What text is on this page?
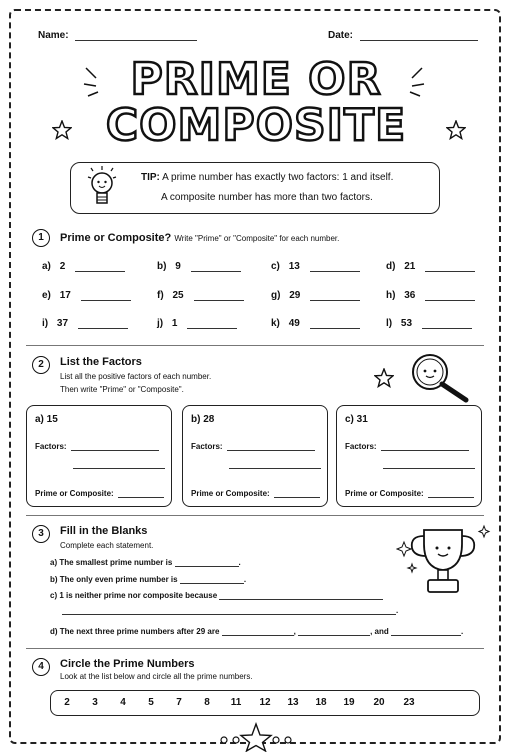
Name:	Date:
PRIME OR
COMPOSITE
TIP: A prime number has exactly two factors: 1 and itself.
A composite number has more than two factors.
1	Prime or Composite? Write "Prime" or "Composite" for each number.
a) 2	b) 9	c) 13	d) 21
e) 17	f) 25	g) 29	h) 36
i) 37	j) 1	k) 49	l) 53
2	List the Factors
List all the positive factors of each number.
Then write "Prime" or "Composite".
a) 15
Factors:
Prime or Composite:
b) 28
Factors:
Prime or Composite:
c) 31
Factors:
Prime or Composite:
3	Fill in the Blanks
Complete each statement.
a) The smallest prime number is	.
b) The only even prime number is	.
c) 1 is neither prime nor composite because
.
d) The next three prime numbers after 29 are	,	, and	.
4	Circle the Prime Numbers
Look at the list below and circle all the prime numbers.
2	3	4	5	7	8	11	12	13	18	19	20	23
